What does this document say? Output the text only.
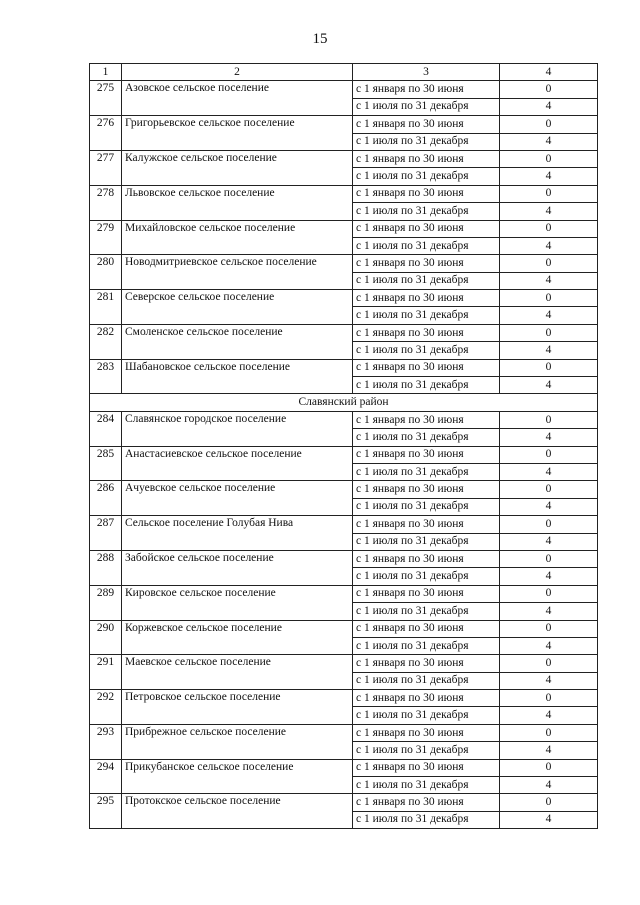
15
1	2	3	4
275	Азовское сельское поселение	с 1 января по 30 июня	0
		с 1 июля по 31 декабря	4
276	Григорьевское сельское поселение	с 1 января по 30 июня	0
		с 1 июля по 31 декабря	4
277	Калужское сельское поселение	с 1 января по 30 июня	0
		с 1 июля по 31 декабря	4
278	Львовское сельское поселение	с 1 января по 30 июня	0
		с 1 июля по 31 декабря	4
279	Михайловское сельское поселение	с 1 января по 30 июня	0
		с 1 июля по 31 декабря	4
280	Новодмитриевское сельское поселение	с 1 января по 30 июня	0
		с 1 июля по 31 декабря	4
281	Северское сельское поселение	с 1 января по 30 июня	0
		с 1 июля по 31 декабря	4
282	Смоленское сельское поселение	с 1 января по 30 июня	0
		с 1 июля по 31 декабря	4
283	Шабановское сельское поселение	с 1 января по 30 июня	0
		с 1 июля по 31 декабря	4
Славянский район			
284	Славянское городское поселение	с 1 января по 30 июня	0
		с 1 июля по 31 декабря	4
285	Анастасиевское сельское поселение	с 1 января по 30 июня	0
		с 1 июля по 31 декабря	4
286	Ачуевское сельское поселение	с 1 января по 30 июня	0
		с 1 июля по 31 декабря	4
287	Сельское поселение Голубая Нива	с 1 января по 30 июня	0
		с 1 июля по 31 декабря	4
288	Забойское сельское поселение	с 1 января по 30 июня	0
		с 1 июля по 31 декабря	4
289	Кировское сельское поселение	с 1 января по 30 июня	0
		с 1 июля по 31 декабря	4
290	Коржевское сельское поселение	с 1 января по 30 июня	0
		с 1 июля по 31 декабря	4
291	Маевское сельское поселение	с 1 января по 30 июня	0
		с 1 июля по 31 декабря	4
292	Петровское сельское поселение	с 1 января по 30 июня	0
		с 1 июля по 31 декабря	4
293	Прибрежное сельское поселение	с 1 января по 30 июня	0
		с 1 июля по 31 декабря	4
294	Прикубанское сельское поселение	с 1 января по 30 июня	0
		с 1 июля по 31 декабря	4
295	Протокское сельское поселение	с 1 января по 30 июня	0
		с 1 июля по 31 декабря	4
